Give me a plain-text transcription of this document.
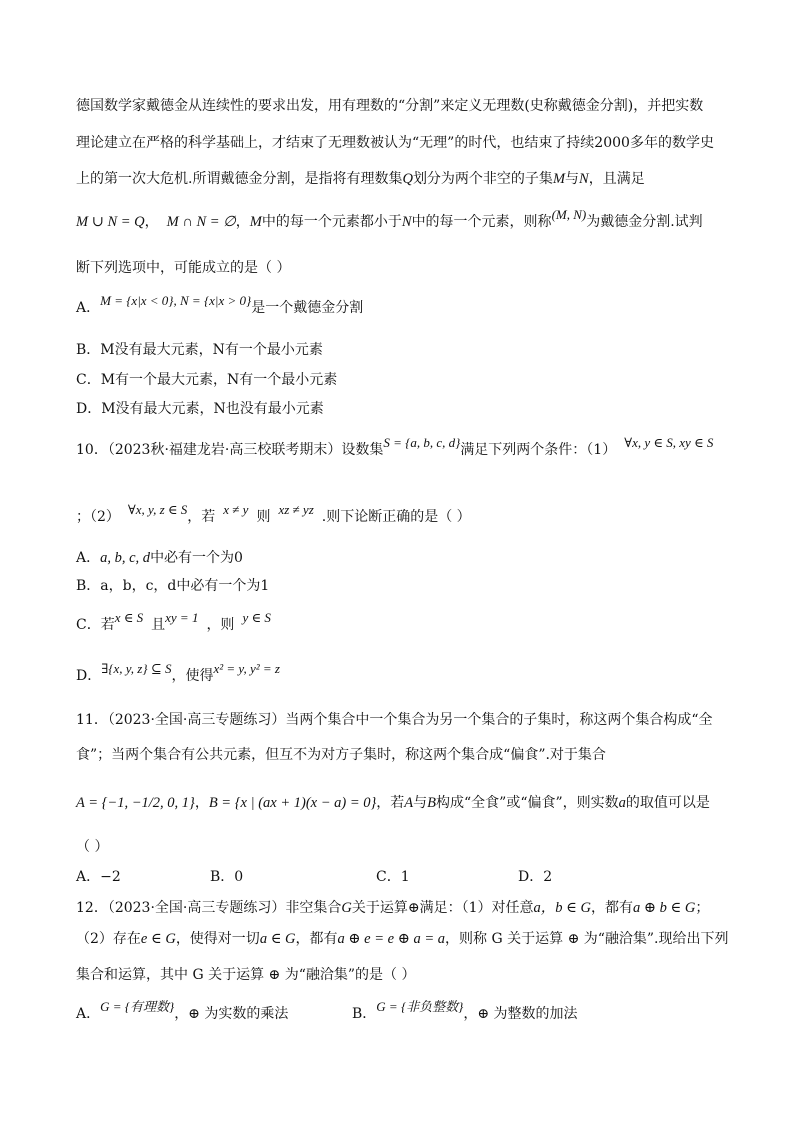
德国数学家戴德金从连续性的要求出发，用有理数的“分割”来定义无理数(史称戴德金分割)，并把实数
理论建立在严格的科学基础上，才结束了无理数被认为“无理”的时代，也结束了持续2000多年的数学史
上的第一次大危机.所谓戴德金分割，是指将有理数集Q划分为两个非空的子集M与N，且满足
M ∪ N = Q， M ∩ N = ∅，M中的每一个元素都小于N中的每一个元素，则称(M, N)为戴德金分割.试判
断下列选项中，可能成立的是（ ）
A．M = {x|x < 0}, N = {x|x > 0}是一个戴德金分割
B．M没有最大元素，N有一个最小元素
C．M有一个最大元素，N有一个最小元素
D．M没有最大元素，N也没有最小元素
10．（2023秋·福建龙岩·高三校联考期末）设数集S = {a, b, c, d}满足下列两个条件：（1） ∀x, y ∈ S, xy ∈ S
；（2） ∀x, y, z ∈ S，若 x ≠ y 则 xz ≠ yz .则下论断正确的是（ ）
A．a, b, c, d中必有一个为0
B．a，b，c，d中必有一个为1
C．若x ∈ S 且xy = 1 ，则 y ∈ S
D．∃{x, y, z} ⊆ S，使得x² = y, y² = z
11．（2023·全国·高三专题练习）当两个集合中一个集合为另一个集合的子集时，称这两个集合构成“全
食”；当两个集合有公共元素，但互不为对方子集时，称这两个集合成“偏食”.对于集合
A = {−1, −1/2, 0, 1}，B = {x | (ax + 1)(x − a) = 0}，若A与B构成“全食”或“偏食”，则实数a的取值可以是
（ ）
A．−2	B．0	C．1	D．2
12．（2023·全国·高三专题练习）非空集合G关于运算⊕满足：（1）对任意a，b ∈ G，都有a ⊕ b ∈ G；
（2）存在e ∈ G，使得对一切a ∈ G，都有a ⊕ e = e ⊕ a = a，则称 G 关于运算 ⊕ 为“融洽集”.现给出下列
集合和运算，其中 G 关于运算 ⊕ 为“融洽集”的是（ ）
A．G = {有理数}，⊕ 为实数的乘法	B．G = {非负整数}，⊕ 为整数的加法
